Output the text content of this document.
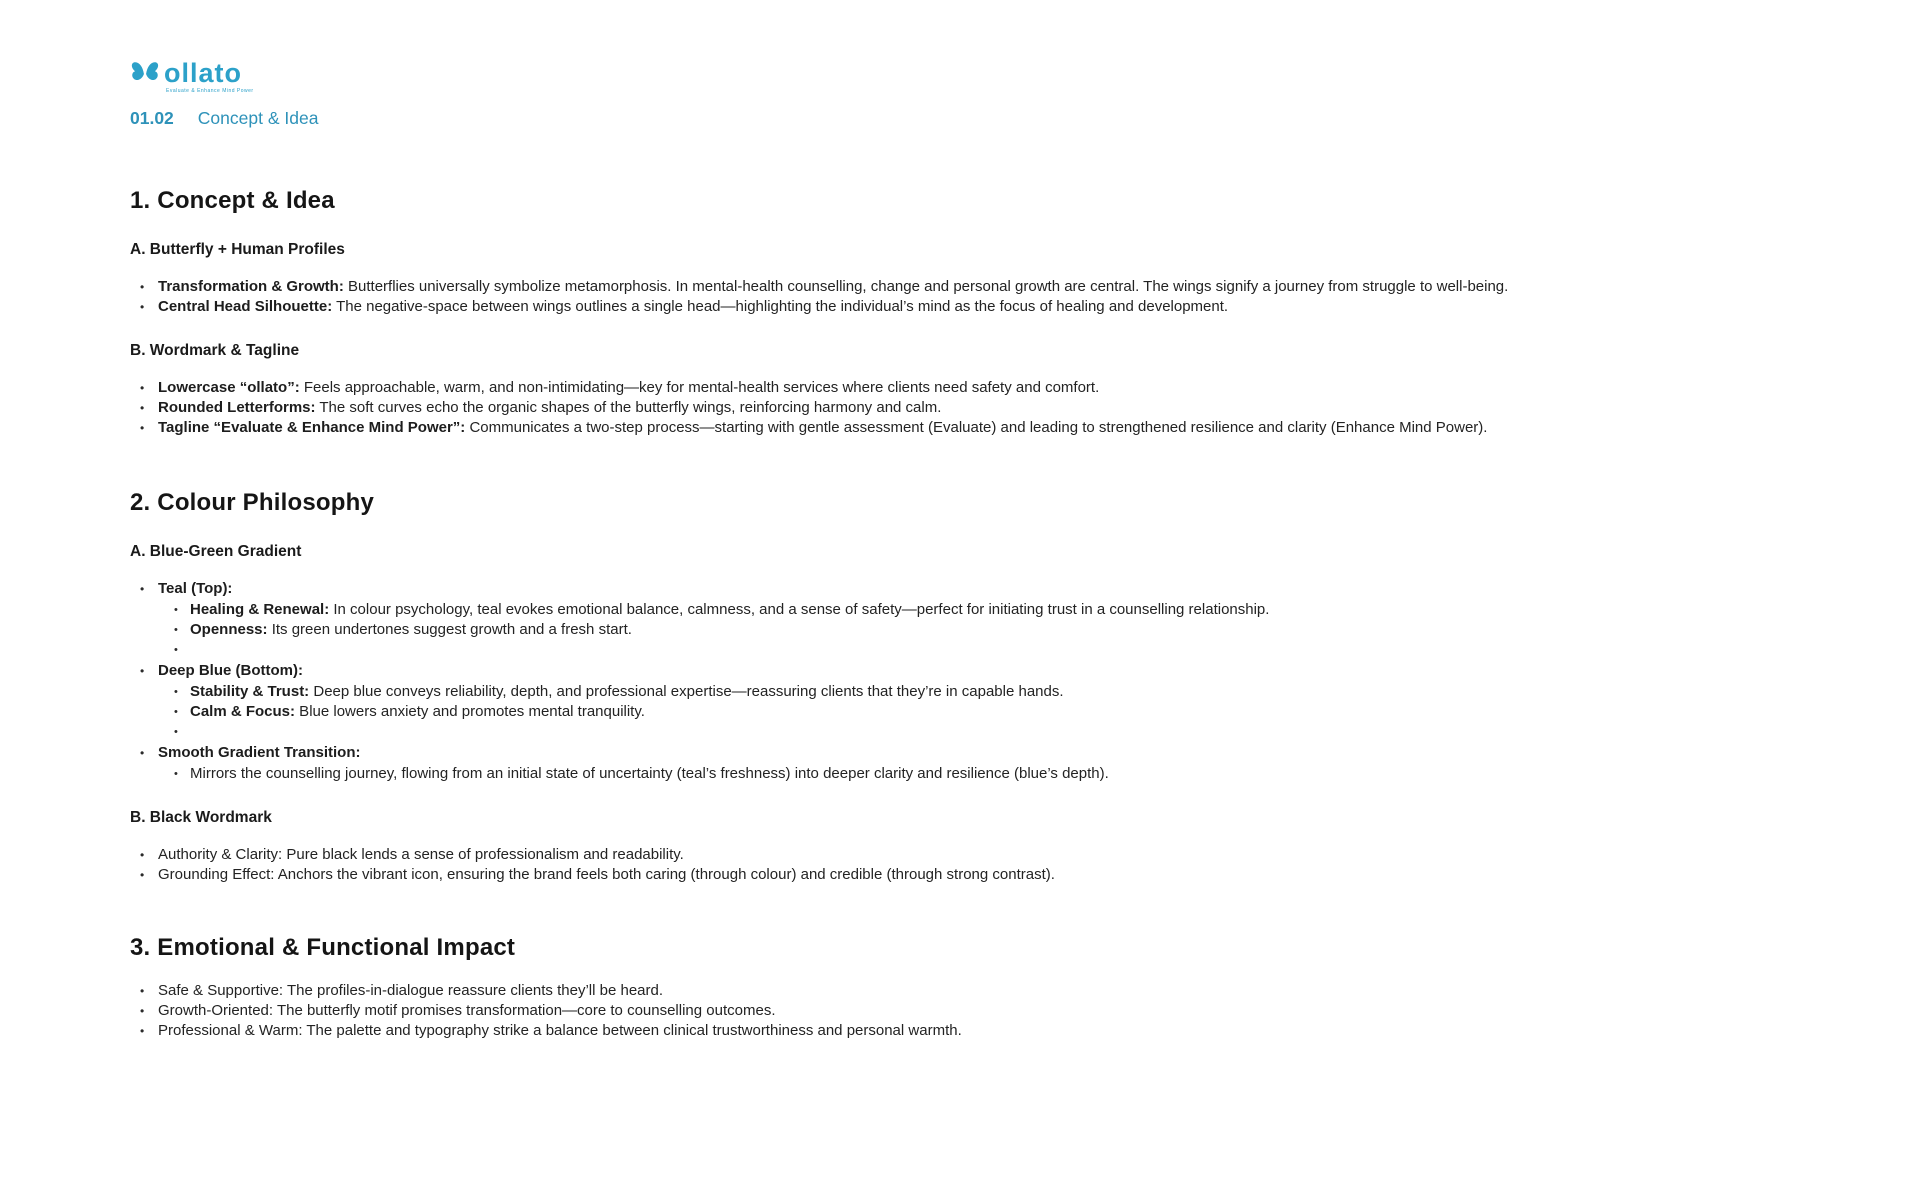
ollato
Evaluate & Enhance Mind Power
01.02 Concept & Idea
1. Concept & Idea
A. Butterfly + Human Profiles
• Transformation & Growth: Butterflies universally symbolize metamorphosis. In mental-health counselling, change and personal growth are central. The wings signify a journey from struggle to well-being.
• Central Head Silhouette: The negative-space between wings outlines a single head—highlighting the individual’s mind as the focus of healing and development.
B. Wordmark & Tagline
• Lowercase “ollato”: Feels approachable, warm, and non-intimidating—key for mental-health services where clients need safety and comfort.
• Rounded Letterforms: The soft curves echo the organic shapes of the butterfly wings, reinforcing harmony and calm.
• Tagline “Evaluate & Enhance Mind Power”: Communicates a two-step process—starting with gentle assessment (Evaluate) and leading to strengthened resilience and clarity (Enhance Mind Power).
2. Colour Philosophy
A. Blue-Green Gradient
• Teal (Top):
• Healing & Renewal: In colour psychology, teal evokes emotional balance, calmness, and a sense of safety—perfect for initiating trust in a counselling relationship.
• Openness: Its green undertones suggest growth and a fresh start.
•
• Deep Blue (Bottom):
• Stability & Trust: Deep blue conveys reliability, depth, and professional expertise—reassuring clients that they’re in capable hands.
• Calm & Focus: Blue lowers anxiety and promotes mental tranquility.
•
• Smooth Gradient Transition:
• Mirrors the counselling journey, flowing from an initial state of uncertainty (teal’s freshness) into deeper clarity and resilience (blue’s depth).
B. Black Wordmark
• Authority & Clarity: Pure black lends a sense of professionalism and readability.
• Grounding Effect: Anchors the vibrant icon, ensuring the brand feels both caring (through colour) and credible (through strong contrast).
3. Emotional & Functional Impact
• Safe & Supportive: The profiles-in-dialogue reassure clients they’ll be heard.
• Growth-Oriented: The butterfly motif promises transformation—core to counselling outcomes.
• Professional & Warm: The palette and typography strike a balance between clinical trustworthiness and personal warmth.
